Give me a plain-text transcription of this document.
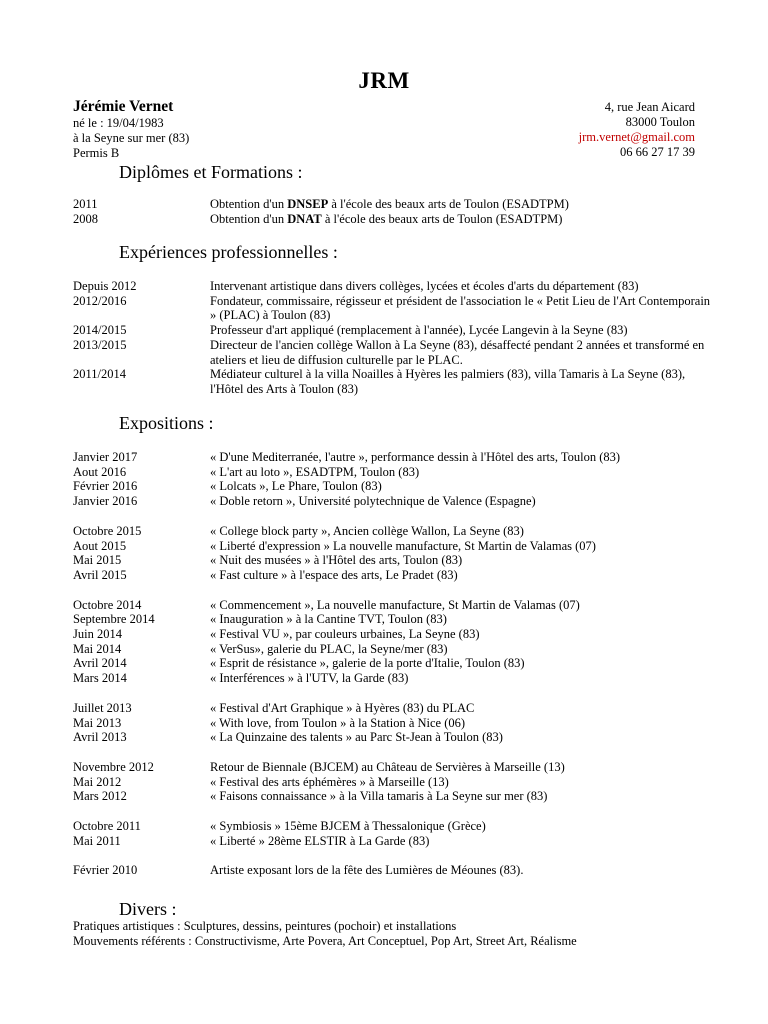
JRM
Jérémie Vernet
né le : 19/04/1983
à la Seyne sur mer (83)
Permis B
4, rue Jean Aicard
83000 Toulon
jrm.vernet@gmail.com
06 66 27 17 39
Diplômes et Formations :
2011	Obtention d'un DNSEP à l'école des beaux arts de Toulon (ESADTPM)
2008	Obtention d'un DNAT à l'école des beaux arts de Toulon (ESADTPM)
Expériences professionnelles :
Depuis 2012	Intervenant artistique dans divers collèges, lycées et écoles d'arts du département (83)
2012/2016	Fondateur, commissaire, régisseur et président de l'association le « Petit Lieu de l'Art Contemporain » (PLAC) à Toulon (83)
2014/2015	Professeur d'art appliqué (remplacement à l'année), Lycée Langevin à la Seyne (83)
2013/2015	Directeur de l'ancien collège Wallon à La Seyne (83), désaffecté pendant 2 années et transformé en ateliers et lieu de diffusion culturelle par le PLAC.
2011/2014	Médiateur culturel à la villa Noailles à Hyères les palmiers (83), villa Tamaris à La Seyne (83), l'Hôtel des Arts à Toulon (83)
Expositions :
Janvier 2017	« D'une Mediterranée, l'autre », performance dessin à l'Hôtel des arts, Toulon (83)
Aout 2016	« L'art au loto », ESADTPM, Toulon (83)
Février 2016	« Lolcats », Le Phare, Toulon (83)
Janvier 2016	« Doble retorn », Université polytechnique de Valence (Espagne)
Octobre 2015	« College block party », Ancien collège Wallon, La Seyne (83)
Aout 2015	« Liberté d'expression » La nouvelle manufacture, St Martin de Valamas (07)
Mai 2015	« Nuit des musées » à l'Hôtel des arts, Toulon (83)
Avril 2015	« Fast culture » à l'espace des arts, Le Pradet (83)
Octobre 2014	« Commencement », La nouvelle manufacture, St Martin de Valamas (07)
Septembre 2014	« Inauguration » à la Cantine TVT, Toulon (83)
Juin 2014	« Festival VU », par couleurs urbaines, La Seyne (83)
Mai 2014	« VerSus», galerie du PLAC, la Seyne/mer (83)
Avril 2014	« Esprit de résistance », galerie de la porte d'Italie, Toulon (83)
Mars 2014	« Interférences » à l'UTV, la Garde (83)
Juillet 2013	« Festival d'Art Graphique » à Hyères (83) du PLAC
Mai 2013	« With love, from Toulon » à la Station à Nice (06)
Avril 2013	« La Quinzaine des talents » au Parc St-Jean à Toulon (83)
Novembre 2012	Retour de Biennale (BJCEM) au Château de Servières à Marseille (13)
Mai 2012	« Festival des arts éphémères » à Marseille (13)
Mars 2012	« Faisons connaissance » à la Villa tamaris à La Seyne sur mer (83)
Octobre 2011	« Symbiosis » 15ème BJCEM à Thessalonique (Grèce)
Mai 2011	« Liberté » 28ème ELSTIR à La Garde (83)
Février 2010	Artiste exposant lors de la fête des Lumières de Méounes (83).
Divers :
Pratiques artistiques : Sculptures, dessins, peintures (pochoir) et installations
Mouvements référents : Constructivisme, Arte Povera, Art Conceptuel, Pop Art, Street Art, Réalisme
